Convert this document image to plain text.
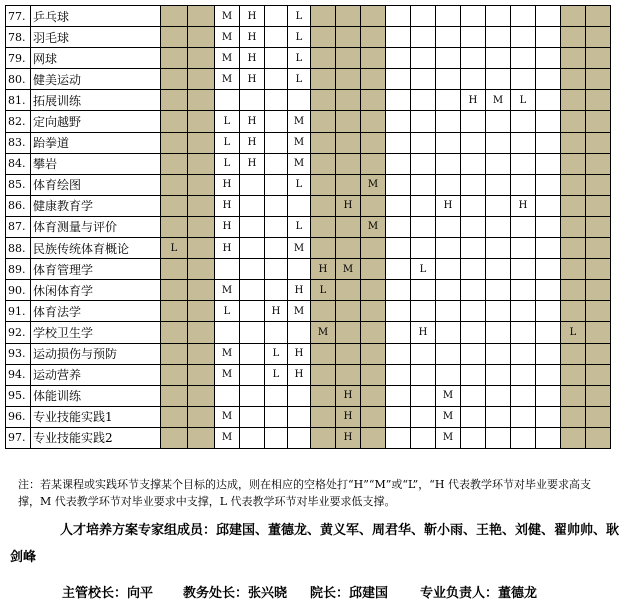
77.	乒乓球			M	H		L												
78.	羽毛球			M	H		L												
79.	网球			M	H		L												
80.	健美运动			M	H		L												
81.	拓展训练													H	M	L			
82.	定向越野			L	H		M												
83.	跆拳道			L	H		M												
84.	攀岩			L	H		M												
85.	体育绘图			H			L			M									
86.	健康教育学			H					H				H			H			
87.	体育测量与评价			H			L			M									
88.	民族传统体育概论	L		H			M												
89.	体育管理学							H	M			L							
90.	休闲体育学			M			H	L											
91.	体育法学			L		H	M												
92.	学校卫生学							M				H						L	
93.	运动损伤与预防			M		L	H												
94.	运动营养			M		L	H												
95.	体能训练								H				M						
96.	专业技能实践1			M					H				M						
97.	专业技能实践2			M					H				M						
注：若某课程或实践环节支撑某个目标的达成，则在相应的空格处打“H”“M”或“L”，“H 代表教学环节对毕业要求高支
撑，M 代表教学环节对毕业要求中支撑，L 代表教学环节对毕业要求低支撑。
人才培养方案专家组成员：邱建国、董德龙、黄义军、周君华、靳小雨、王艳、刘健、翟帅帅、耿
剑峰
主管校长：向平 教务处长：张兴晓 院长：邱建国 专业负责人：董德龙
